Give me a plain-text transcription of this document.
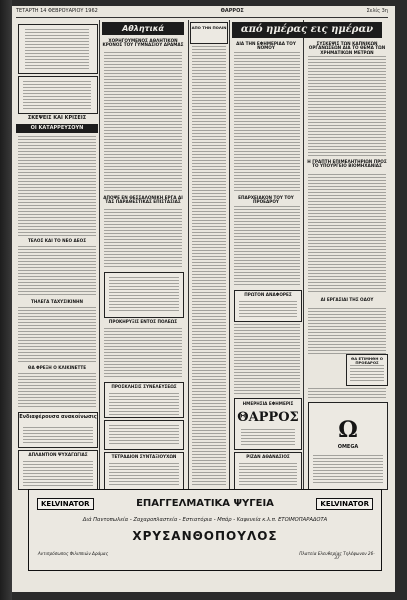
ΤΕΤΑΡΤΗ 14 ΦΕΒΡΟΥΑΡΙΟΥ 1962	ΘΑΡΡΟΣ	Σελίς 3η
ΣΚΕΨΕΙΣ ΚΑΙ ΚΡΙΣΕΙΣ
ΟΙ ΚΑΤΑΡΡΕΥΣΟΥΝ
ΤΕΛΟΣ ΚΑΙ ΤΟ ΝΕΟ ΔΕΟΣ
ΤΗΛΕΓΑ ΤΑΧΥΣΙΚΙΝΗΝ
ΘΑ ΦΡΕΞΗ Ο ΚΛΙΚΙΝΕΤΤΕ
Ενδιαφέρουσα ανακοίνωσις
ΑΠΛΑΝΤΙΟΝ ΨΥΧΑΓΩΓΙΑΣ
Αθλητικά
ΧΟΡΗΓΟΥΜΕΝΟΣ ΑΘΛΗΤΙΚΟΝ ΚΡΟΝΟΣ ΤΟΥ ΓΥΜΝΑΣΙΟΥ ΔΡΑΜΑΣ
ΑΠΟΨΕ ΕΝ ΘΕΣΣΑΛΟΝΙΚΗ ΕΡΓΑ ΔΙ ΤΑΣ ΠΑΡΑΘΕΣΤΙΚΑΣ ΕΠΙΣΤΑΣΙΑΣ
ΠΡΟΚΗΡΥΞΙΣ ΕΝΤΟΣ ΠΟΛΕΩΣ
ΠΡΟΣΚΛΗΣΙΣ ΣΥΝΕΛΕΥΣΕΩΣ
ΤΕΤΡΑΔΙΟΝ ΣΥΝΤΑΞΙΟΥΧΩΝ
ΑΠΟ ΤΗΝ ΠΟΛΙΝ	από ημέρας εις ημέραν
ΔΙΑ ΤΗΝ ΕΦΗΜΕΡΙΔΑ ΤΟΥ ΝΟΜΟΥ
ΕΠΑΡΧΕΙΑΚΟΝ ΤΟΥ ΤΟΥ ΠΡΟΕΔΡΟΥ
ΠΡΩΤΟΝ ΑΝΑΦΟΡΕΣ
ΗΜΕΡΗΣΙΑ ΕΦΗΜΕΡΙΣ
ΘΑΡΡΟΣ
ΡΙΖΑΝ ΑΘΑΝΑΣΙΟΣ
ΣΥΣΚΕΨΙΣ ΤΩΝ ΚΑΠΝΙΚΩΝ ΟΡΓΑΝΩΣΕΩΝ ΔΙΑ ΤΟ ΘΕΜΑ ΤΩΝ ΧΡΗΜΑΤΙΚΩΝ ΜΕΤΡΩΝ
Η ΓΡΑΠΤΗ ΕΠΙΜΕΛΗΤΗΡΙΩΝ ΠΡΟΣ ΤΟ ΥΠΟΥΡΓΕΙΟ ΒΙΟΜΗΧΑΝΙΑΣ
ΑΙ ΕΡΓΑΣΙΑΙ ΤΗΣ ΟΔΟΥ
ΘΑ ΕΤΙΜΗΘΗ Ο ΠΡΟΕΔΡΟΣ
Ω
OMEGA
KELVINATOR	KELVINATOR
ΕΠΑΓΓΕΛΜΑΤΙΚΑ ΨΥΓΕΙΑ
Διά Παντοπωλεία - Ζαχαροπλαστεία - Εστιατόρια - Μπάρ - Καφενεία κ.λ.π. ΕΤΟΙΜΟΠΑΡΑΔΟΤΑ
ΧΡΥΣΑΝΘΟΠΟΥΛΟΣ
Αντιπρόσωπος Φιλιππιών Δράμας	Πλατεία Ελευθερίας Τηλέφωνον 26-37
